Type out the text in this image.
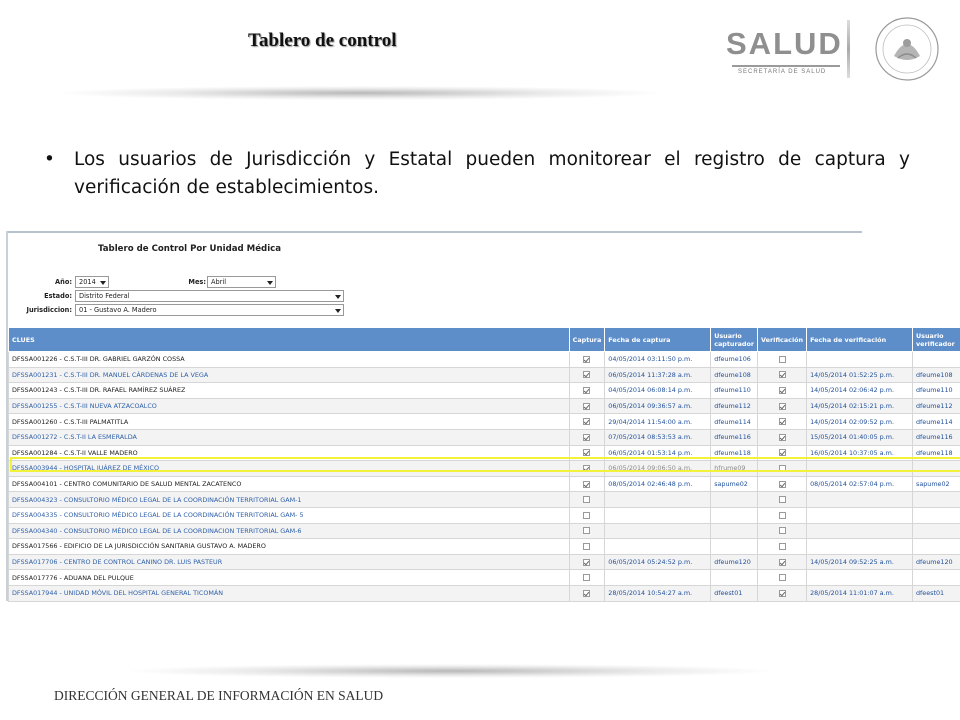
Tablero de control	SALUD
SECRETARÍA DE SALUD
• Los usuarios de Jurisdicción y Estatal pueden monitorear el registro de captura y verificación de establecimientos.
Tablero de Control Por Unidad Médica
Año:	2014	Mes: Abril
Estado:	Distrito Federal
Jurisdiccion:	01 - Gustavo A. Madero
CLUES	Captura	Fecha de captura	Usuario capturador	Verificación	Fecha de verificación	Usuario verificador
DFSSA001226 - C.S.T-III DR. GABRIEL GARZÓN COSSA		04/05/2014 03:11:50 p.m.	dfeume106			
DFSSA001231 - C.S.T-III DR. MANUEL CÁRDENAS DE LA VEGA		06/05/2014 11:37:28 a.m.	dfeume108		14/05/2014 01:52:25 p.m.	dfeume108
DFSSA001243 - C.S.T-III DR. RAFAEL RAMÍREZ SUÁREZ		04/05/2014 06:08:14 p.m.	dfeume110		14/05/2014 02:06:42 p.m.	dfeume110
DFSSA001255 - C.S.T-III NUEVA ATZACOALCO		06/05/2014 09:36:57 a.m.	dfeume112		14/05/2014 02:15:21 p.m.	dfeume112
DFSSA001260 - C.S.T-III PALMATITLA		29/04/2014 11:54:00 a.m.	dfeume114		14/05/2014 02:09:52 p.m.	dfeume114
DFSSA001272 - C.S.T-II LA ESMERALDA		07/05/2014 08:53:53 a.m.	dfeume116		15/05/2014 01:40:05 p.m.	dfeume116
DFSSA001284 - C.S.T-II VALLE MADERO		06/05/2014 01:53:14 p.m.	dfeume118		16/05/2014 10:37:05 a.m.	dfeume118
DFSSA003944 - HOSPITAL JUÁREZ DE MÉXICO		06/05/2014 09:06:50 a.m.	hfrume09			
DFSSA004101 - CENTRO COMUNITARIO DE SALUD MENTAL ZACATENCO		08/05/2014 02:46:48 p.m.	sapume02		08/05/2014 02:57:04 p.m.	sapume02
DFSSA004323 - CONSULTORIO MÉDICO LEGAL DE LA COORDINACIÓN TERRITORIAL GAM-1						
DFSSA004335 - CONSULTORIO MÉDICO LEGAL DE LA COORDINACIÓN TERRITORIAL GAM- 5						
DFSSA004340 - CONSULTORIO MÉDICO LEGAL DE LA COORDINACION TERRITORIAL GAM-6						
DFSSA017566 - EDIFICIO DE LA JURISDICCIÓN SANITARIA GUSTAVO A. MADERO						
DFSSA017706 - CENTRO DE CONTROL CANINO DR. LUIS PASTEUR		06/05/2014 05:24:52 p.m.	dfeume120		14/05/2014 09:52:25 a.m.	dfeume120
DFSSA017776 - ADUANA DEL PULQUE						
DFSSA017944 - UNIDAD MÓVIL DEL HOSPITAL GENERAL TICOMÁN		28/05/2014 10:54:27 a.m.	dfeest01		28/05/2014 11:01:07 a.m.	dfeest01
DIRECCIÓN GENERAL DE INFORMACIÓN EN SALUD
